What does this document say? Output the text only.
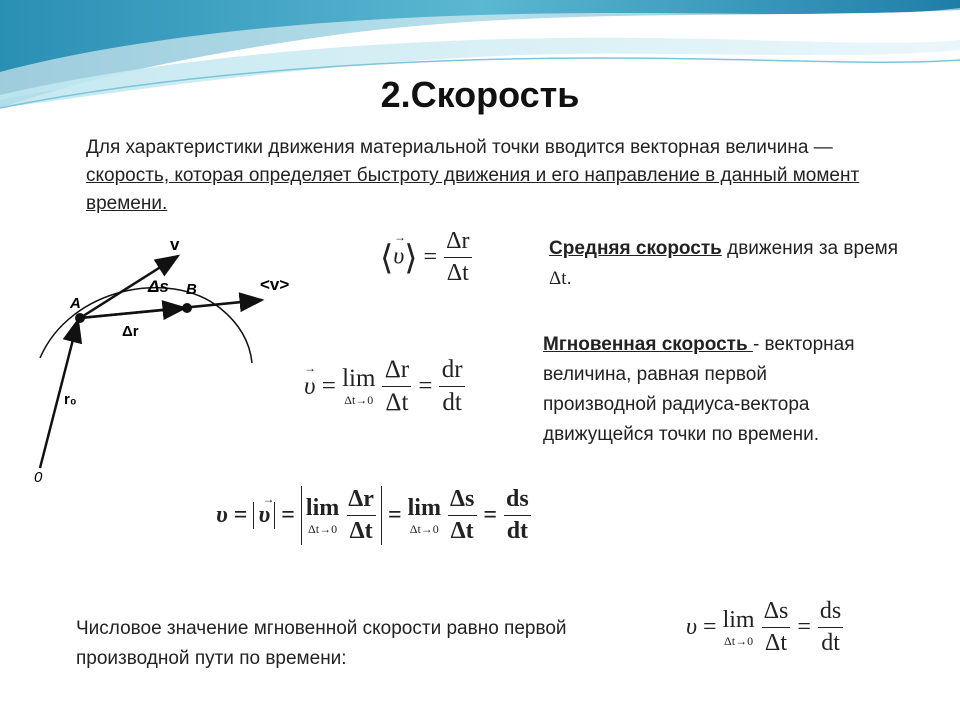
2.Скорость
Для характеристики движения материальной точки вводится векторная величина — скорость, которая определяет быстроту движения и его направление в данный момент времени.
v
Δs B	<v>
A
Δr
r₀
0
→
⟨υ⟩ = $\frac{\Delta r}{\Delta t}$	Средняя скорость движения за время Δt.
→
υ = lim
Δt→0
$\frac{\Delta r}{\Delta t} = \frac{dr}{dt}$
Мгновенная скорость - векторная величина, равная первой производной радиуса-вектора движущейся точки по времени.
υ =
→
υ = lim
Δt→0
$\frac{\Delta r}{\Delta t} = \lim$
Δt→0
$\frac{\Delta s}{\Delta t} = \frac{ds}{dt}$
Числовое значение мгновенной скорости равно первой производной пути по времени:
υ = lim
Δt→0
$\frac{\Delta s}{\Delta t} = \frac{ds}{dt}$
